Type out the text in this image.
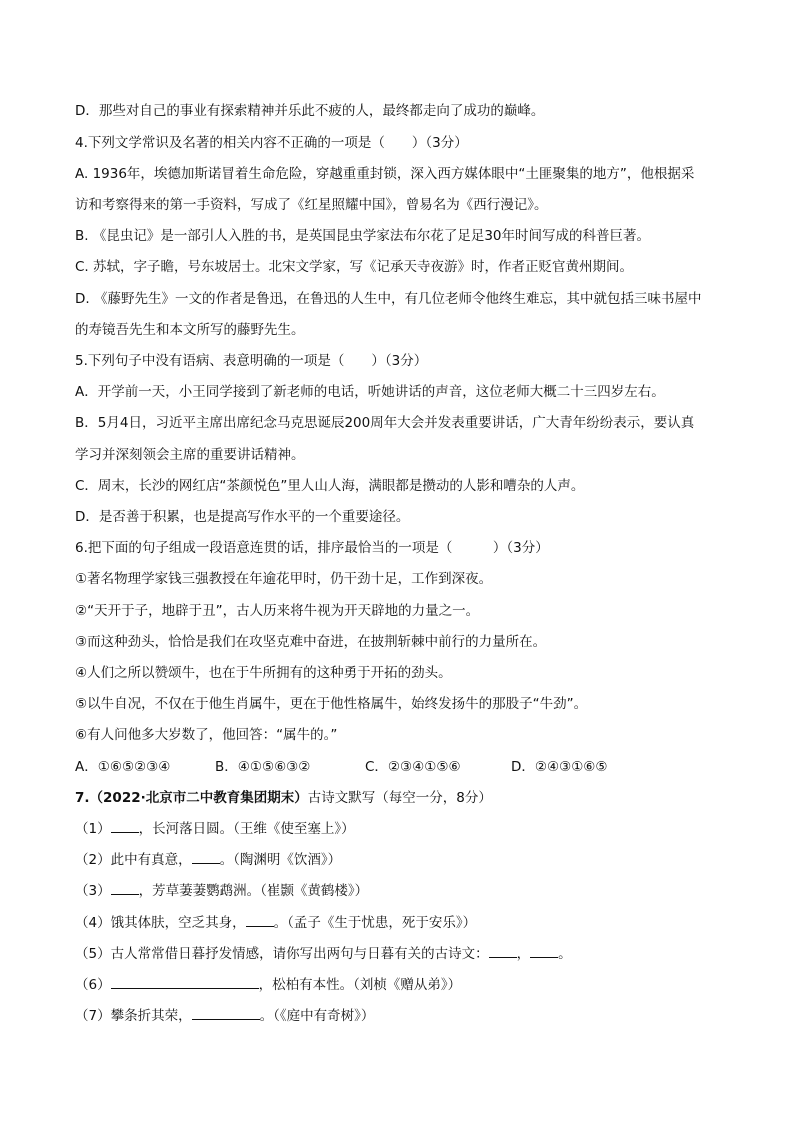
D．那些对自己的事业有探索精神并乐此不疲的人，最终都走向了成功的巅峰。
4.下列文学常识及名著的相关内容不正确的一项是（　　）（3分）
A. 1936年，埃德加斯诺冒着生命危险，穿越重重封锁，深入西方媒体眼中“土匪聚集的地方”，他根据采
访和考察得来的第一手资料，写成了《红星照耀中国》，曾易名为《西行漫记》。
B. 《昆虫记》是一部引人入胜的书，是英国昆虫学家法布尔花了足足30年时间写成的科普巨著。
C. 苏轼，字子瞻，号东坡居士。北宋文学家，写《记承天寺夜游》时，作者正贬官黄州期间。
D. 《藤野先生》一文的作者是鲁迅，在鲁迅的人生中，有几位老师令他终生难忘，其中就包括三味书屋中
的寿镜吾先生和本文所写的藤野先生。
5.下列句子中没有语病、表意明确的一项是（　　）（3分）
A．开学前一天，小王同学接到了新老师的电话，听她讲话的声音，这位老师大概二十三四岁左右。
B．5月4日，习近平主席出席纪念马克思诞辰200周年大会并发表重要讲话，广大青年纷纷表示，要认真
学习并深刻领会主席的重要讲话精神。
C．周末，长沙的网红店“茶颜悦色”里人山人海，满眼都是攒动的人影和嘈杂的人声。
D．是否善于积累，也是提高写作水平的一个重要途径。
6.把下面的句子组成一段语意连贯的话，排序最恰当的一项是（　　　）（3分）
①著名物理学家钱三强教授在年逾花甲时，仍干劲十足，工作到深夜。
②“天开于子，地辟于丑”，古人历来将牛视为开天辟地的力量之一。
③而这种劲头，恰恰是我们在攻坚克难中奋进，在披荆斩棘中前行的力量所在。
④人们之所以赞颂牛，也在于牛所拥有的这种勇于开拓的劲头。
⑤以牛自况，不仅在于他生肖属牛，更在于他性格属牛，始终发扬牛的那股子“牛劲”。
⑥有人问他多大岁数了，他回答：“属牛的。”
A．①⑥⑤②③④	B．④①⑤⑥③②	C．②③④①⑤⑥	D．②④③①⑥⑤
7.（2022·北京市二中教育集团期末）古诗文默写（每空一分，8分）
（1） ，长河落日圆。（王维《使至塞上》）
（2）此中有真意， 。（陶渊明《饮酒》）
（3） ，芳草萋萋鹦鹉洲。（崔颢《黄鹤楼》）
（4）饿其体肤，空乏其身， 。（孟子《生于忧患，死于安乐》）
（5）古人常常借日暮抒发情感，请你写出两句与日暮有关的古诗文： ， 。
（6）	，松柏有本性。（刘桢《赠从弟》）
（7）攀条折其荣，	。（《庭中有奇树》）
